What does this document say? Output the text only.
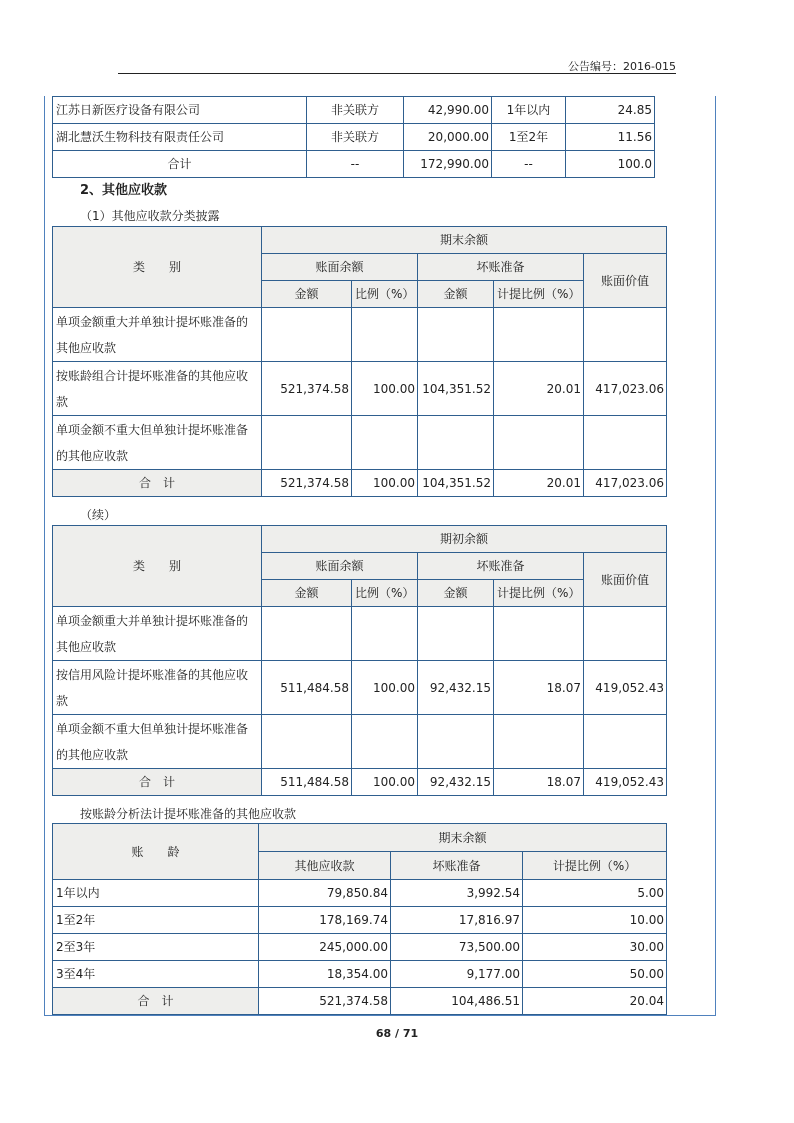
公告编号：2016-015
江苏日新医疗设备有限公司	非关联方	42,990.00	1年以内	24.85
湖北慧沃生物科技有限责任公司	非关联方	20,000.00	1至2年	11.56
合计	--	172,990.00	--	100.0
2、其他应收款
（1）其他应收款分类披露
类　　别	期末余额				
	账面余额		坏账准备		账面价值
	金额	比例（%）	金额	计提比例（%）	
单项金额重大并单独计提坏账准备的其他应收款					
按账龄组合计提坏账准备的其他应收款	521,374.58	100.00	104,351.52	20.01	417,023.06
单项金额不重大但单独计提坏账准备的其他应收款					
合　计	521,374.58	100.00	104,351.52	20.01	417,023.06
（续）
类　　别	期初余额				
	账面余额		坏账准备		账面价值
	金额	比例（%）	金额	计提比例（%）	
单项金额重大并单独计提坏账准备的其他应收款					
按信用风险计提坏账准备的其他应收款	511,484.58	100.00	92,432.15	18.07	419,052.43
单项金额不重大但单独计提坏账准备的其他应收款					
合　计	511,484.58	100.00	92,432.15	18.07	419,052.43
按账龄分析法计提坏账准备的其他应收款
账　　龄	期末余额		
	其他应收款	坏账准备	计提比例（%）
1年以内	79,850.84	3,992.54	5.00
1至2年	178,169.74	17,816.97	10.00
2至3年	245,000.00	73,500.00	30.00
3至4年	18,354.00	9,177.00	50.00
合　计	521,374.58	104,486.51	20.04
68 / 71
